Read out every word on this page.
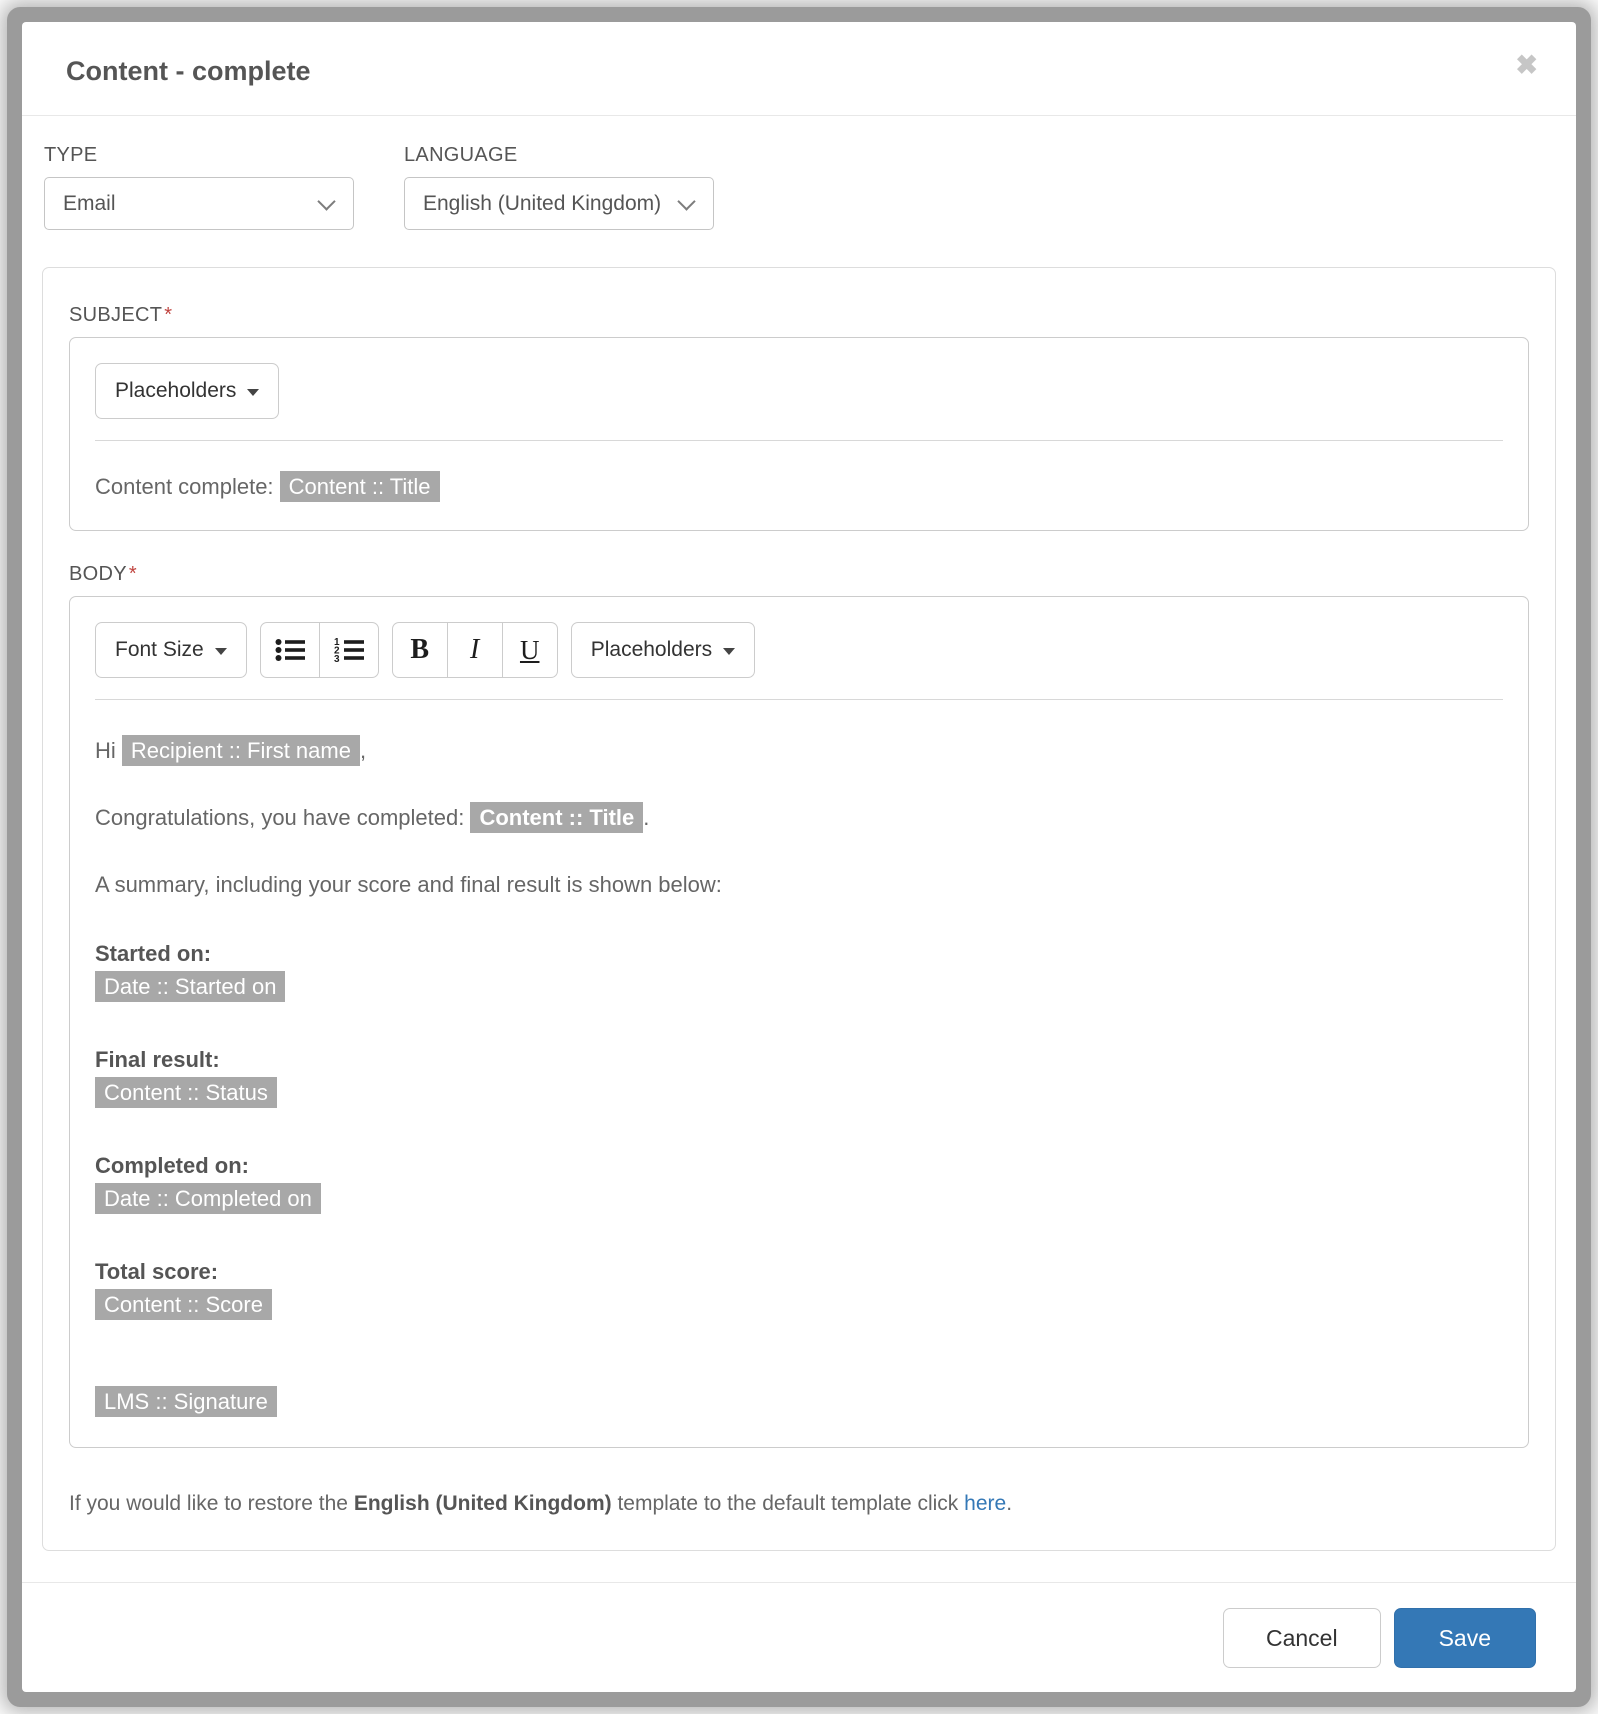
Content - complete	✖
TYPE
Email
LANGUAGE
English (United Kingdom)
SUBJECT *
Placeholders
Content complete: Content :: Title
BODY *
Font Size	1
2
3	B I U Placeholders

Hi Recipient :: First name ,

Congratulations, you have completed: Content :: Title .

A summary, including your score and final result is shown below:

Started on:
Date :: Started on
Final result:
Content :: Status
Completed on:
Date :: Completed on
Total score:
Content :: Score

LMS :: Signature

If you would like to restore the English (United Kingdom) template to the default template click here.

Cancel	Save
